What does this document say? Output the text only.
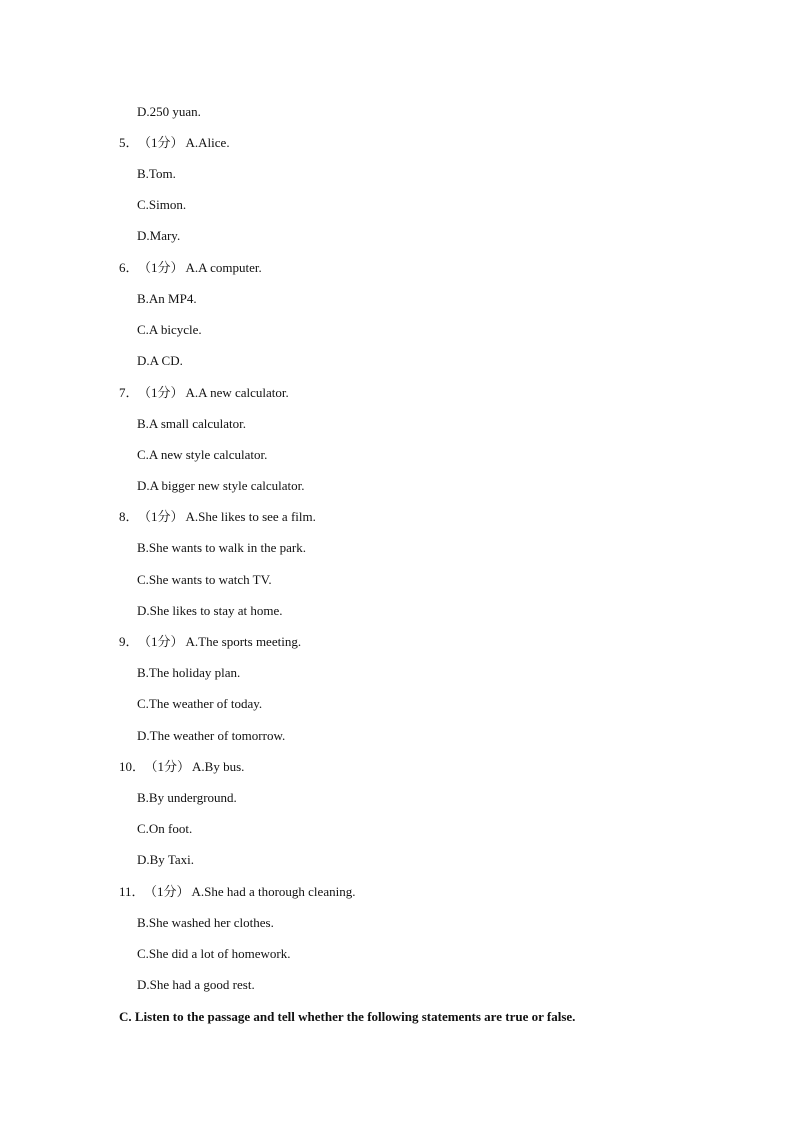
D.250 yuan.
5． （1分） A.Alice.
B.Tom.
C.Simon.
D.Mary.
6． （1分） A.A computer.
B.An MP4.
C.A bicycle.
D.A CD.
7． （1分） A.A new calculator.
B.A small calculator.
C.A new style calculator.
D.A bigger new style calculator.
8． （1分） A.She likes to see a film.
B.She wants to walk in the park.
C.She wants to watch TV.
D.She likes to stay at home.
9． （1分） A.The sports meeting.
B.The holiday plan.
C.The weather of today.
D.The weather of tomorrow.
10． （1分） A.By bus.
B.By underground.
C.On foot.
D.By Taxi.
11． （1分） A.She had a thorough cleaning.
B.She washed her clothes.
C.She did a lot of homework.
D.She had a good rest.
C. Listen to the passage and tell whether the following statements are true or false.
